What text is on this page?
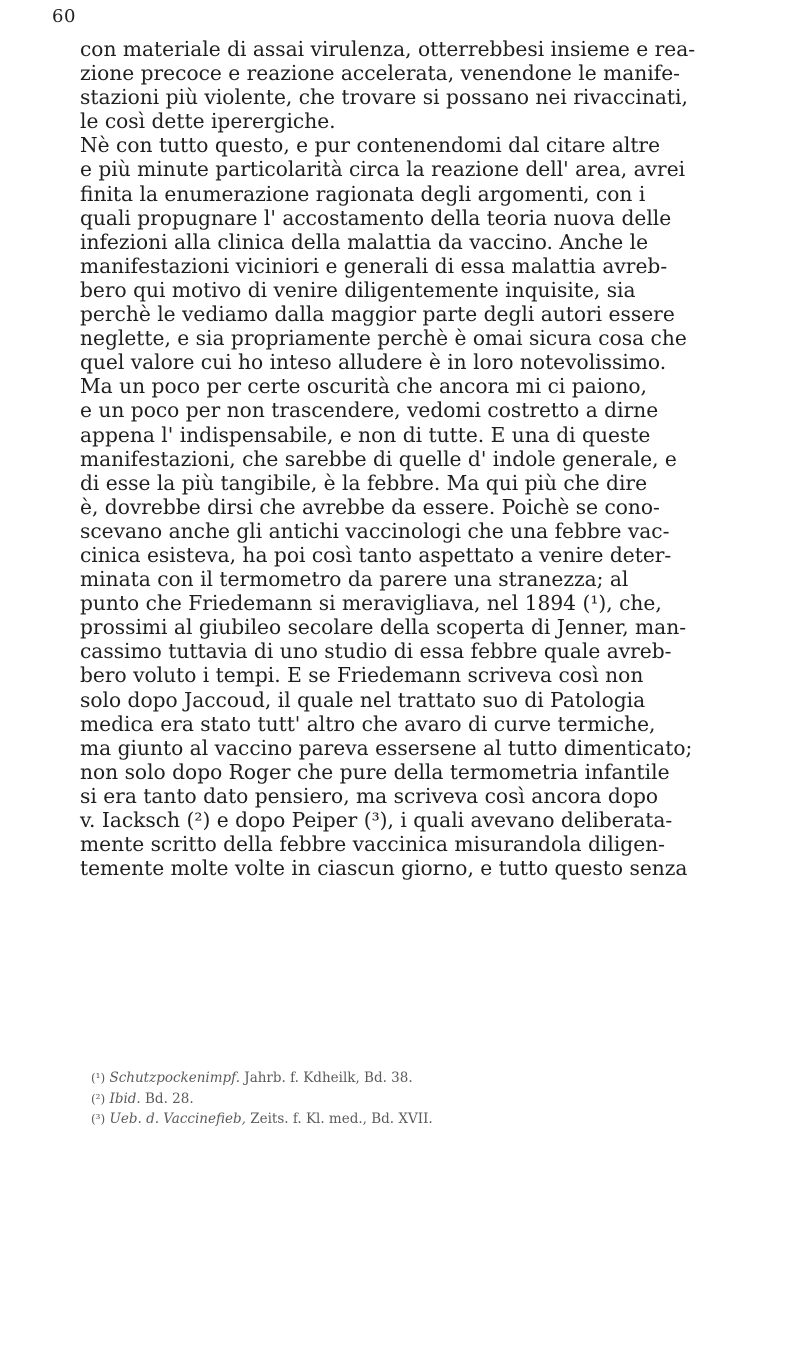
60
con materiale di assai virulenza, otterrebbesi insieme e rea-
zione precoce e reazione accelerata, venendone le manife-
stazioni più violente, che trovare si possano nei rivaccinati,
le così dette iperergiche.
Nè con tutto questo, e pur contenendomi dal citare altre
e più minute particolarità circa la reazione dell' area, avrei
finita la enumerazione ragionata degli argomenti, con i
quali propugnare l' accostamento della teoria nuova delle
infezioni alla clinica della malattia da vaccino. Anche le
manifestazioni viciniori e generali di essa malattia avreb-
bero qui motivo di venire diligentemente inquisite, sia
perchè le vediamo dalla maggior parte degli autori essere
neglette, e sia propriamente perchè è omai sicura cosa che
quel valore cui ho inteso alludere è in loro notevolissimo.
Ma un poco per certe oscurità che ancora mi ci paiono,
e un poco per non trascendere, vedomi costretto a dirne
appena l' indispensabile, e non di tutte. E una di queste
manifestazioni, che sarebbe di quelle d' indole generale, e
di esse la più tangibile, è la febbre. Ma qui più che dire
è, dovrebbe dirsi che avrebbe da essere. Poichè se cono-
scevano anche gli antichi vaccinologi che una febbre vac-
cinica esisteva, ha poi così tanto aspettato a venire deter-
minata con il termometro da parere una stranezza; al
punto che Friedemann si meravigliava, nel 1894 (¹), che,
prossimi al giubileo secolare della scoperta di Jenner, man-
cassimo tuttavia di uno studio di essa febbre quale avreb-
bero voluto i tempi. E se Friedemann scriveva così non
solo dopo Jaccoud, il quale nel trattato suo di Patologia
medica era stato tutt' altro che avaro di curve termiche,
ma giunto al vaccino pareva essersene al tutto dimenticato;
non solo dopo Roger che pure della termometria infantile
si era tanto dato pensiero, ma scriveva così ancora dopo
v. Iacksch (²) e dopo Peiper (³), i quali avevano deliberata-
mente scritto della febbre vaccinica misurandola diligen-
temente molte volte in ciascun giorno, e tutto questo senza
(¹) Schutzpockenimpf. Jahrb. f. Kdheilk, Bd. 38.
(²) Ibid. Bd. 28.
(³) Ueb. d. Vaccinefieb, Zeits. f. Kl. med., Bd. XVII.
